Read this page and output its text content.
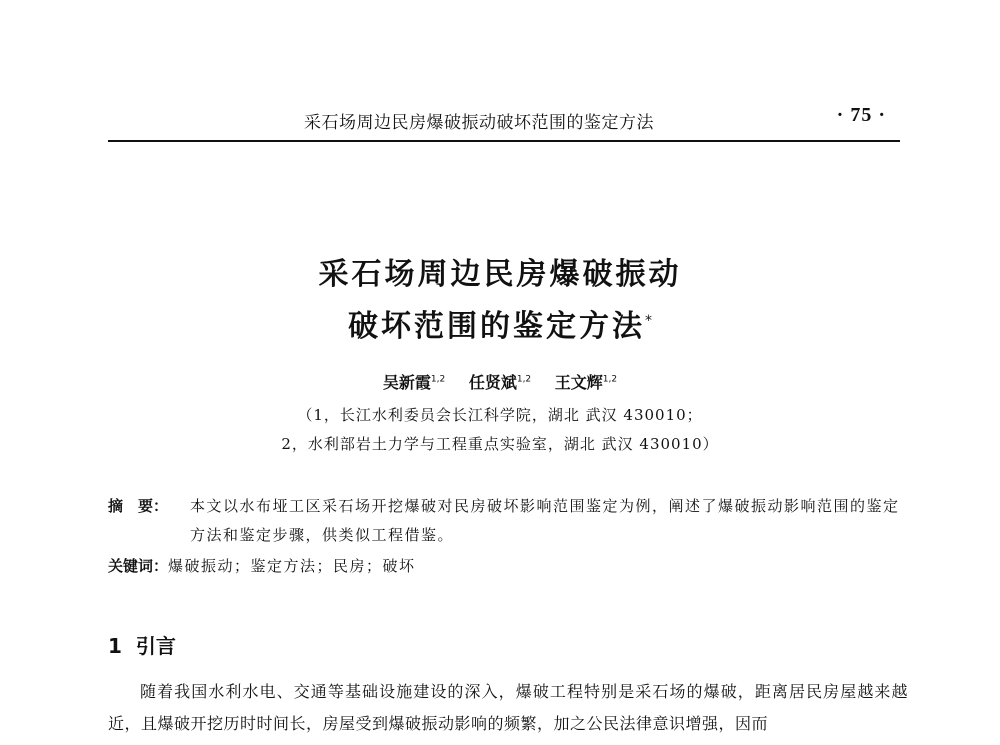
采石场周边民房爆破振动破坏范围的鉴定方法	· 75 ·
采石场周边民房爆破振动
破坏范围的鉴定方法*
吴新霞$^{1,2}$ 任贤斌$^{1,2}$ 王文辉$^{1,2}$
（1，长江水利委员会长江科学院，湖北 武汉 430010；
2，水利部岩土力学与工程重点实验室，湖北 武汉 430010）
摘　要： 本文以水布垭工区采石场开挖爆破对民房破坏影响范围鉴定为例，阐述了爆破振动影响范围的鉴定方法和鉴定步骤，供类似工程借鉴。
关键词：爆破振动；鉴定方法；民房；破坏
1 引言
随着我国水利水电、交通等基础设施建设的深入，爆破工程特别是采石场的爆破，距离居民房屋越来越近，且爆破开挖历时时间长，房屋受到爆破振动影响的频繁，加之公民法律意识增强，因而
